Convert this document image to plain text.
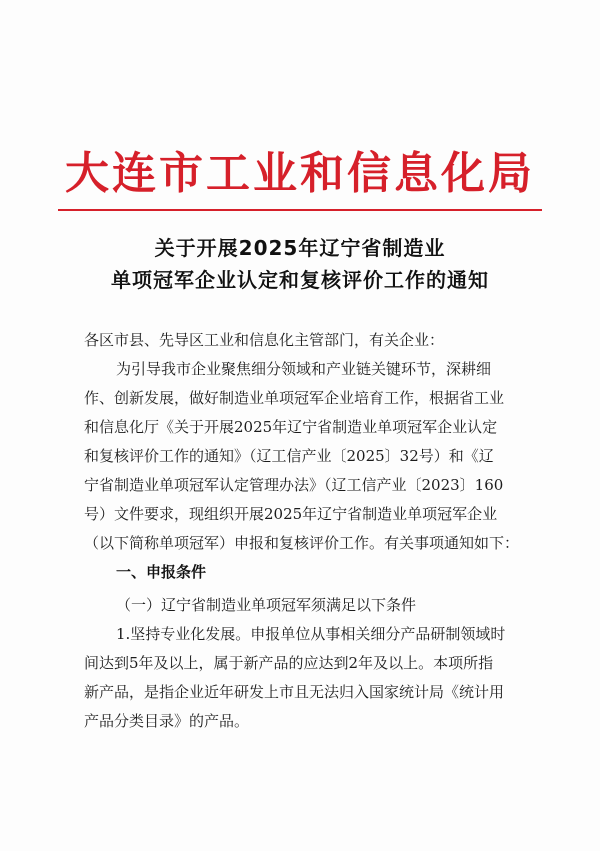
大连市工业和信息化局
关于开展2025年辽宁省制造业
单项冠军企业认定和复核评价工作的通知
各区市县、先导区工业和信息化主管部门，有关企业：
为引导我市企业聚焦细分领域和产业链关键环节，深耕细
作、创新发展，做好制造业单项冠军企业培育工作，根据省工业
和信息化厅《关于开展2025年辽宁省制造业单项冠军企业认定
和复核评价工作的通知》（辽工信产业〔2025〕32号）和《辽
宁省制造业单项冠军认定管理办法》（辽工信产业〔2023〕160
号）文件要求，现组织开展2025年辽宁省制造业单项冠军企业
（以下简称单项冠军）申报和复核评价工作。有关事项通知如下：
一、申报条件
（一）辽宁省制造业单项冠军须满足以下条件
1.坚持专业化发展。申报单位从事相关细分产品研制领域时
间达到5年及以上，属于新产品的应达到2年及以上。本项所指
新产品，是指企业近年研发上市且无法归入国家统计局《统计用
产品分类目录》的产品。
